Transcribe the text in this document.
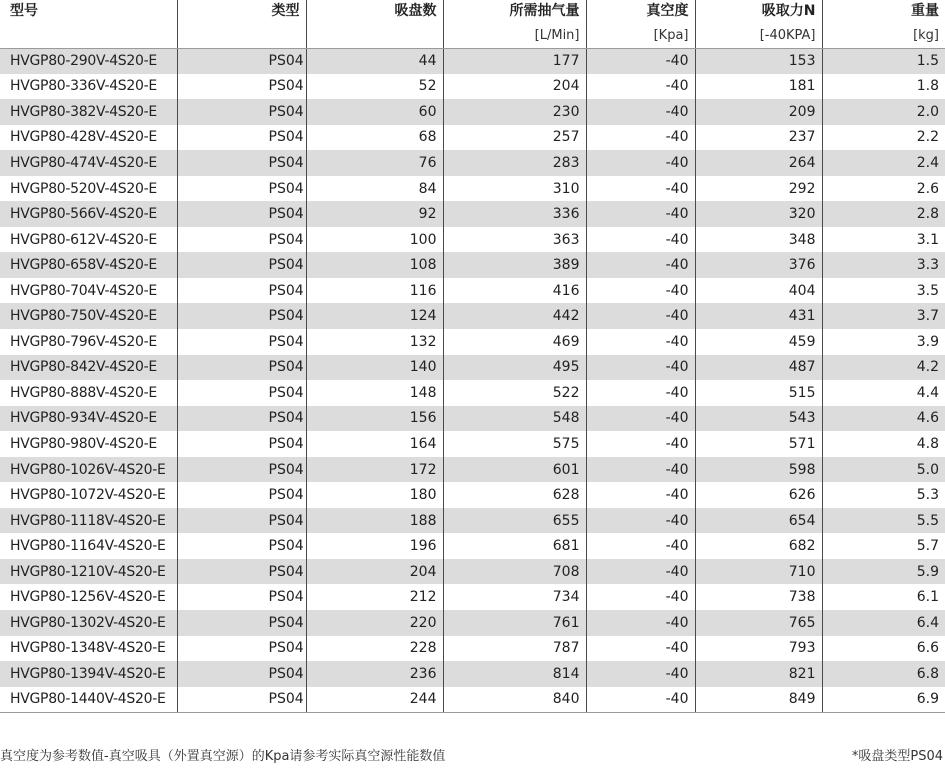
型号	类型	吸盘数	所需抽气量	真空度	吸取力N	重量
			[L/Min]	[Kpa]	[-40KPA]	[kg]
HVGP80-290V-4S20-E	PS04	44	177	-40	153	1.5
HVGP80-336V-4S20-E	PS04	52	204	-40	181	1.8
HVGP80-382V-4S20-E	PS04	60	230	-40	209	2.0
HVGP80-428V-4S20-E	PS04	68	257	-40	237	2.2
HVGP80-474V-4S20-E	PS04	76	283	-40	264	2.4
HVGP80-520V-4S20-E	PS04	84	310	-40	292	2.6
HVGP80-566V-4S20-E	PS04	92	336	-40	320	2.8
HVGP80-612V-4S20-E	PS04	100	363	-40	348	3.1
HVGP80-658V-4S20-E	PS04	108	389	-40	376	3.3
HVGP80-704V-4S20-E	PS04	116	416	-40	404	3.5
HVGP80-750V-4S20-E	PS04	124	442	-40	431	3.7
HVGP80-796V-4S20-E	PS04	132	469	-40	459	3.9
HVGP80-842V-4S20-E	PS04	140	495	-40	487	4.2
HVGP80-888V-4S20-E	PS04	148	522	-40	515	4.4
HVGP80-934V-4S20-E	PS04	156	548	-40	543	4.6
HVGP80-980V-4S20-E	PS04	164	575	-40	571	4.8
HVGP80-1026V-4S20-E	PS04	172	601	-40	598	5.0
HVGP80-1072V-4S20-E	PS04	180	628	-40	626	5.3
HVGP80-1118V-4S20-E	PS04	188	655	-40	654	5.5
HVGP80-1164V-4S20-E	PS04	196	681	-40	682	5.7
HVGP80-1210V-4S20-E	PS04	204	708	-40	710	5.9
HVGP80-1256V-4S20-E	PS04	212	734	-40	738	6.1
HVGP80-1302V-4S20-E	PS04	220	761	-40	765	6.4
HVGP80-1348V-4S20-E	PS04	228	787	-40	793	6.6
HVGP80-1394V-4S20-E	PS04	236	814	-40	821	6.8
HVGP80-1440V-4S20-E	PS04	244	840	-40	849	6.9
真空度为参考数值-真空吸具（外置真空源）的Kpa请参考实际真空源性能数值	*吸盘类型PS04
